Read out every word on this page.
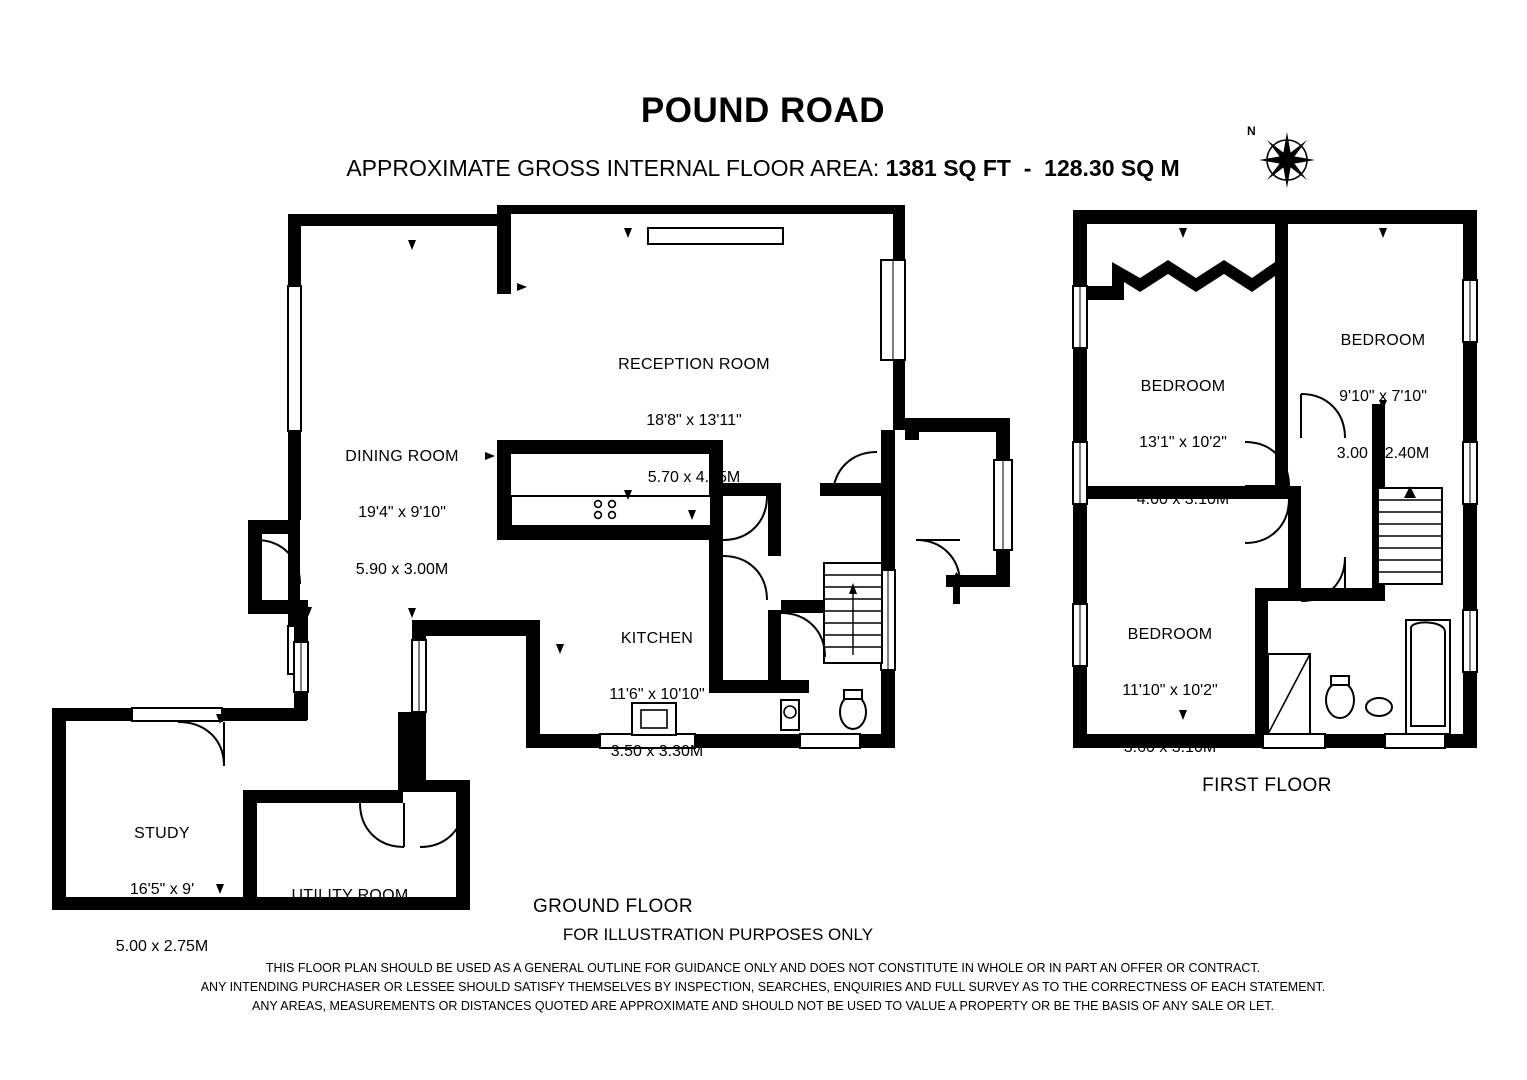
POUND ROAD
APPROXIMATE GROSS INTERNAL FLOOR AREA: 1381 SQ FT  -  128.30 SQ M
N

RECEPTION ROOM

18'8" x 13'11"

5.70 x 4.25M

DINING ROOM

19'4" x 9'10"

5.90 x 3.00M

KITCHEN

11'6" x 10'10"

3.50 x 3.30M

STUDY

16'5" x 9'

5.00 x 2.75M

UTILITY ROOM

BEDROOM

13'1" x 10'2"

4.00 x 3.10M

BEDROOM

9'10" x 7'10"

3.00 x 2.40M

BEDROOM

11'10" x 10'2"

3.60 x 3.10M

GROUND FLOOR
FIRST FLOOR
FOR ILLUSTRATION PURPOSES ONLY
THIS FLOOR PLAN SHOULD BE USED AS A GENERAL OUTLINE FOR GUIDANCE ONLY AND DOES NOT CONSTITUTE IN WHOLE OR IN PART AN OFFER OR CONTRACT.
ANY INTENDING PURCHASER OR LESSEE SHOULD SATISFY THEMSELVES BY INSPECTION, SEARCHES, ENQUIRIES AND FULL SURVEY AS TO THE CORRECTNESS OF EACH STATEMENT.
ANY AREAS, MEASUREMENTS OR DISTANCES QUOTED ARE APPROXIMATE AND SHOULD NOT BE USED TO VALUE A PROPERTY OR BE THE BASIS OF ANY SALE OR LET.
